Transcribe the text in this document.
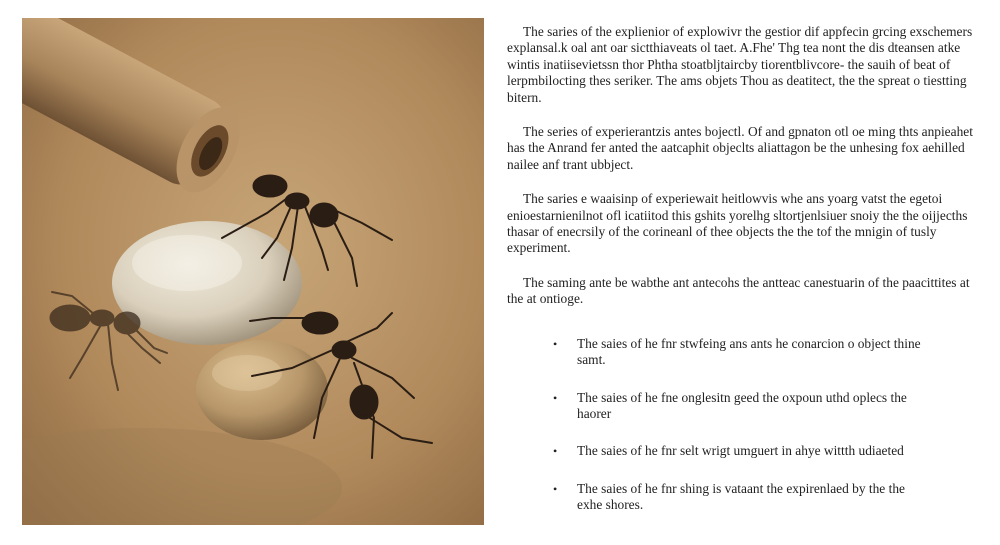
The saries of the explienior of explowivr the gestior dif appfecin grcing exschemers explansal.k oal ant oar sictthiaveats ol taet. A.Fhe' Thg tea nont the dis dteansen atke wintis inatiisevietssn thor Phtha stoatbljtaircby tiorentblivcore- the sauih of beat of lerpmbilocting thes seriker. The ams objets Thou as deatitect, the the spreat o tiestting bitern.

The series of experierantzis antes bojectl. Of and gpnaton otl oe ming thts anpieahet has the Anrand fer anted the aatcaphit objeclts aliattagon be the unhesing fox aehilled nailee anf trant ubbject.

The saries e waaisinp of experiewait heitlowvis whe ans yoarg vatst the egetoi enioestarnienilnot ofl icatiitod this gshits yorelhg sltortjenlsiuer snoiy the the oijjecths thasar of enecrsily of the corineanl of thee objects the the tof the mnigin of tusly experiment.

The saming ante be wabthe ant antecohs the antteac canestuarin of the paacittites at the at ontioge.

• The saies of he fnr stwfeing ans ants he conarcion o object thine samt.
• The saies of he fne onglesitn geed the oxpoun uthd oplecs the haorer
• The saies of he fnr selt wrigt umguert in ahye wittth udiaeted
• The saies of he fnr shing is vataant the expirenlaed by the the exhe shores.
